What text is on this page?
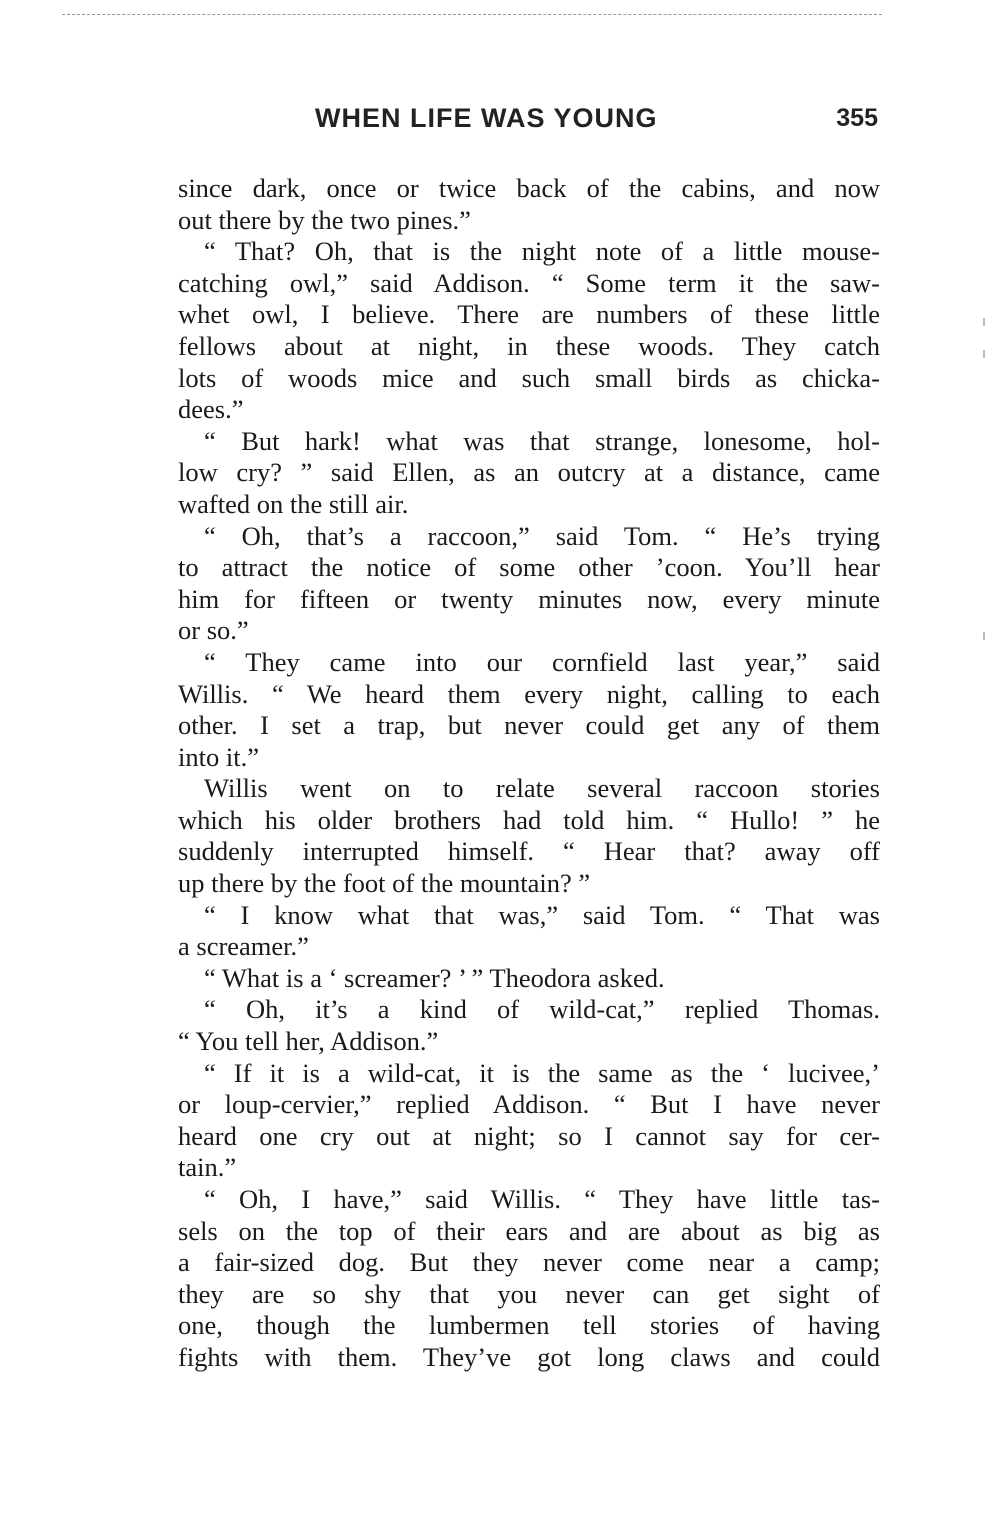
WHEN LIFE WAS YOUNG	355
since dark, once or twice back of the cabins, and now
out there by the two pines.”
“ That? Oh, that is the night note of a little mouse-
catching owl,” said Addison. “ Some term it the saw-
whet owl, I believe. There are numbers of these little
fellows about at night, in these woods. They catch
lots of woods mice and such small birds as chicka-
dees.”
“ But hark! what was that strange, lonesome, hol-
low cry? ” said Ellen, as an outcry at a distance, came
wafted on the still air.
“ Oh, that’s a raccoon,” said Tom. “ He’s trying
to attract the notice of some other ’coon. You’ll hear
him for fifteen or twenty minutes now, every minute
or so.”
“ They came into our cornfield last year,” said
Willis. “ We heard them every night, calling to each
other. I set a trap, but never could get any of them
into it.”
Willis went on to relate several raccoon stories
which his older brothers had told him. “ Hullo! ” he
suddenly interrupted himself. “ Hear that? away off
up there by the foot of the mountain? ”
“ I know what that was,” said Tom. “ That was
a screamer.”
“ What is a ‘ screamer? ’ ” Theodora asked.
“ Oh, it’s a kind of wild-cat,” replied Thomas.
“ You tell her, Addison.”
“ If it is a wild-cat, it is the same as the ‘ lucivee,’
or loup-cervier,” replied Addison. “ But I have never
heard one cry out at night; so I cannot say for cer-
tain.”
“ Oh, I have,” said Willis. “ They have little tas-
sels on the top of their ears and are about as big as
a fair-sized dog. But they never come near a camp;
they are so shy that you never can get sight of
one, though the lumbermen tell stories of having
fights with them. They’ve got long claws and could
